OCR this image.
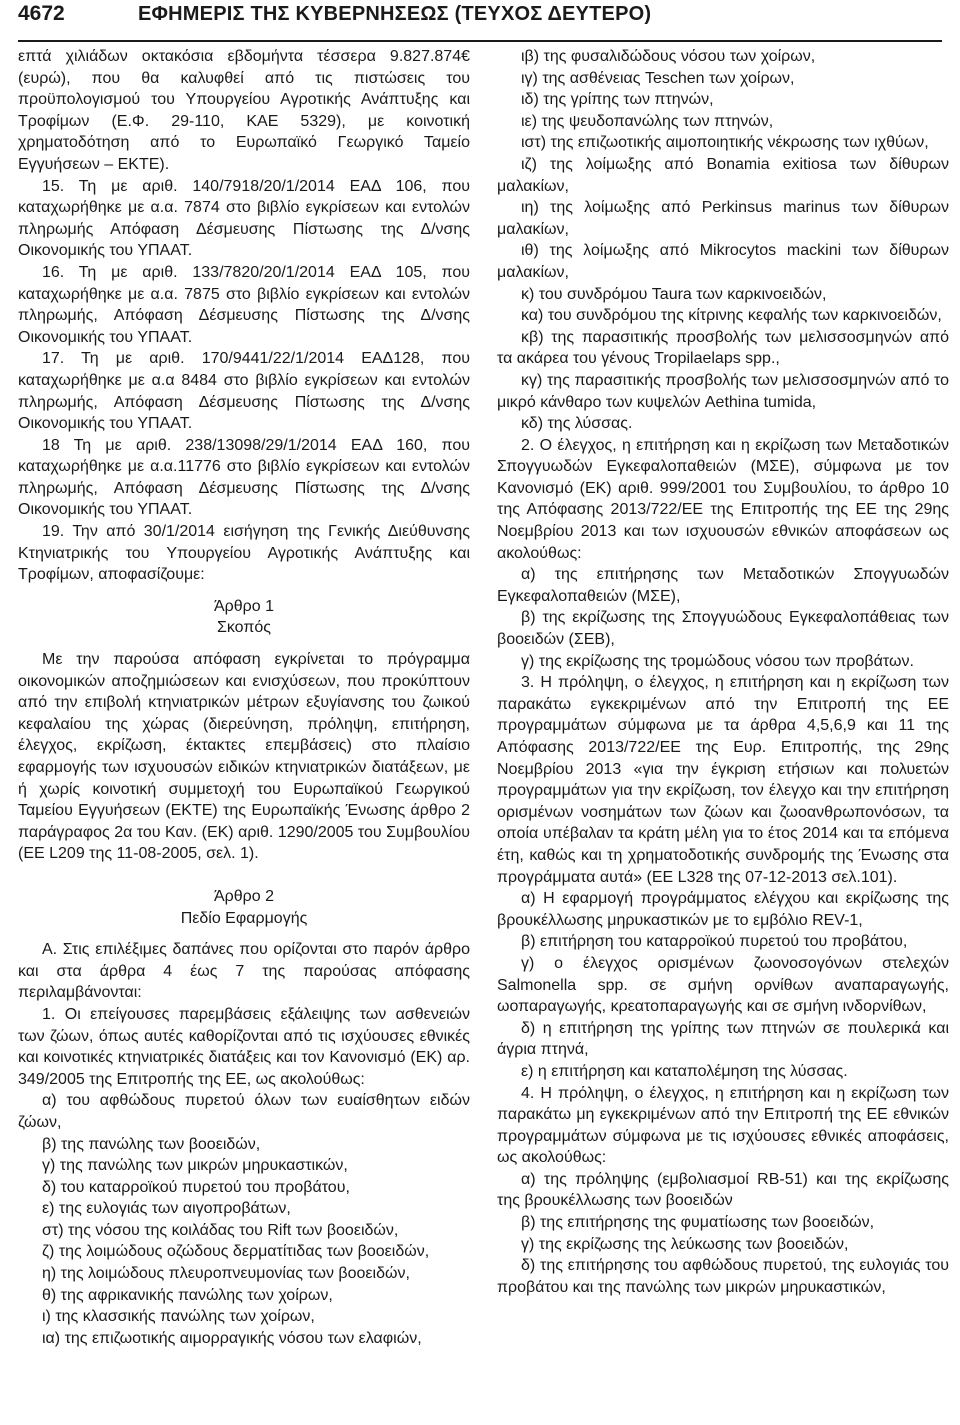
4672	ΕΦΗΜΕΡΙΣ ΤΗΣ ΚΥΒΕΡΝΗΣΕΩΣ (ΤΕΥΧΟΣ ΔΕΥΤΕΡΟ)

επτά χιλιάδων οκτακόσια εβδομήντα τέσσερα 9.827.874€ (ευρώ), που θα καλυφθεί από τις πιστώσεις του προϋπολογισμού του Υπουργείου Αγροτικής Ανάπτυξης και Τροφίμων (Ε.Φ. 29-110, ΚΑΕ 5329), με κοινοτική χρηματοδότηση από το Ευρωπαϊκό Γεωργικό Ταμείο Εγγυήσεων – ΕΚΤΕ).

15. Τη με αριθ. 140/7918/20/1/2014 ΕΑΔ 106, που καταχωρήθηκε με α.α. 7874 στο βιβλίο εγκρίσεων και εντολών πληρωμής Απόφαση Δέσμευσης Πίστωσης της Δ/νσης Οικονομικής του ΥΠΑΑΤ.

16. Τη με αριθ. 133/7820/20/1/2014 ΕΑΔ 105, που καταχωρήθηκε με α.α. 7875 στο βιβλίο εγκρίσεων και εντολών πληρωμής, Απόφαση Δέσμευσης Πίστωσης της Δ/νσης Οικονομικής του ΥΠΑΑΤ.

17. Τη με αριθ. 170/9441/22/1/2014 ΕΑΔ128, που καταχωρήθηκε με α.α 8484 στο βιβλίο εγκρίσεων και εντολών πληρωμής, Απόφαση Δέσμευσης Πίστωσης της Δ/νσης Οικονομικής του ΥΠΑΑΤ.

18 Τη με αριθ. 238/13098/29/1/2014 ΕΑΔ 160, που καταχωρήθηκε με α.α.11776 στο βιβλίο εγκρίσεων και εντολών πληρωμής, Απόφαση Δέσμευσης Πίστωσης της Δ/νσης Οικονομικής του ΥΠΑΑΤ.

19. Την από 30/1/2014 εισήγηση της Γενικής Διεύθυνσης Κτηνιατρικής του Υπουργείου Αγροτικής Ανάπτυξης και Τροφίμων, αποφασίζουμε:

Άρθρο 1

Σκοπός

Με την παρούσα απόφαση εγκρίνεται το πρόγραμμα οικονομικών αποζημιώσεων και ενισχύσεων, που προκύπτουν από την επιβολή κτηνιατρικών μέτρων εξυγίανσης του ζωικού κεφαλαίου της χώρας (διερεύνηση, πρόληψη, επιτήρηση, έλεγχος, εκρίζωση, έκτακτες επεμβάσεις) στο πλαίσιο εφαρμογής των ισχυουσών ειδικών κτηνιατρικών διατάξεων, με ή χωρίς κοινοτική συμμετοχή του Ευρωπαϊκού Γεωργικού Ταμείου Εγγυήσεων (ΕΚΤΕ) της Ευρωπαϊκής Ένωσης άρθρο 2 παράγραφος 2α του Καν. (ΕΚ) αριθ. 1290/2005 του Συμβουλίου (ΕΕ L209 της 11-08-2005, σελ. 1).

Άρθρο 2

Πεδίο Εφαρμογής

Α. Στις επιλέξιμες δαπάνες που ορίζονται στο παρόν άρθρο και στα άρθρα 4 έως 7 της παρούσας απόφασης περιλαμβάνονται:

1. Οι επείγουσες παρεμβάσεις εξάλειψης των ασθενειών των ζώων, όπως αυτές καθορίζονται από τις ισχύουσες εθνικές και κοινοτικές κτηνιατρικές διατάξεις και τον Κανονισμό (ΕΚ) αρ. 349/2005 της Επιτροπής της ΕΕ, ως ακολούθως:

α) του αφθώδους πυρετού όλων των ευαίσθητων ειδών ζώων,

β) της πανώλης των βοοειδών,

γ) της πανώλης των μικρών μηρυκαστικών,

δ) του καταρροϊκού πυρετού του προβάτου,

ε) της ευλογιάς των αιγοπροβάτων,

στ) της νόσου της κοιλάδας του Rift των βοοειδών,

ζ) της λοιμώδους οζώδους δερματίτιδας των βοοειδών,

η) της λοιμώδους πλευροπνευμονίας των βοοειδών,

θ) της αφρικανικής πανώλης των χοίρων,

ι) της κλασσικής πανώλης των χοίρων,

ια) της επιζωοτικής αιμορραγικής νόσου των ελαφιών,

ιβ) της φυσαλιδώδους νόσου των χοίρων,

ιγ) της ασθένειας Teschen των χοίρων,

ιδ) της γρίπης των πτηνών,

ιε) της ψευδοπανώλης των πτηνών,

ιστ) της επιζωοτικής αιμοποιητικής νέκρωσης των ιχθύων,

ιζ) της λοίμωξης από Bonamia exitiosa των δίθυρων μαλακίων,

ιη) της λοίμωξης από Perkinsus marinus των δίθυρων μαλακίων,

ιθ) της λοίμωξης από Mikrocytos mackini των δίθυρων μαλακίων,

κ) του συνδρόμου Taura των καρκινοειδών,

κα) του συνδρόμου της κίτρινης κεφαλής των καρκινοειδών,

κβ) της παρασιτικής προσβολής των μελισσοσμηνών από τα ακάρεα του γένους Tropilaelaps spp.,

κγ) της παρασιτικής προσβολής των μελισσοσμηνών από το μικρό κάνθαρο των κυψελών Aethina tumida,

κδ) της λύσσας.

2. Ο έλεγχος, η επιτήρηση και η εκρίζωση των Μεταδοτικών Σπογγυωδών Εγκεφαλοπαθειών (ΜΣΕ), σύμφωνα με τον Κανονισμό (ΕΚ) αριθ. 999/2001 του Συμβουλίου, το άρθρο 10 της Απόφασης 2013/722/ΕΕ της Επιτροπής της ΕΕ της 29ης Νοεμβρίου 2013 και των ισχυουσών εθνικών αποφάσεων ως ακολούθως:

α) της επιτήρησης των Μεταδοτικών Σπογγυωδών Εγκεφαλοπαθειών (ΜΣΕ),

β) της εκρίζωσης της Σπογγυώδους Εγκεφαλοπάθειας των βοοειδών (ΣΕΒ),

γ) της εκρίζωσης της τρομώδους νόσου των προβάτων.

3. Η πρόληψη, ο έλεγχος, η επιτήρηση και η εκρίζωση των παρακάτω εγκεκριμένων από την Επιτροπή της ΕΕ προγραμμάτων σύμφωνα με τα άρθρα 4,5,6,9 και 11 της Απόφασης 2013/722/ΕΕ της Ευρ. Επιτροπής, της 29ης Νοεμβρίου 2013 «για την έγκριση ετήσιων και πολυετών προγραμμάτων για την εκρίζωση, τον έλεγχο και την επιτήρηση ορισμένων νοσημάτων των ζώων και ζωοανθρωπονόσων, τα οποία υπέβαλαν τα κράτη μέλη για το έτος 2014 και τα επόμενα έτη, καθώς και τη χρηματοδοτικής συνδρομής της Ένωσης στα προγράμματα αυτά» (EE L328 της 07-12-2013 σελ.101).

α) Η εφαρμογή προγράμματος ελέγχου και εκρίζωσης της βρουκέλλωσης μηρυκαστικών με το εμβόλιο REV-1,

β) επιτήρηση του καταρροϊκού πυρετού του προβάτου,

γ) ο έλεγχος ορισμένων ζωονοσογόνων στελεχών Salmonella spp. σε σμήνη ορνίθων αναπαραγωγής, ωοπαραγωγής, κρεατοπαραγωγής και σε σμήνη ινδορνίθων,

δ) η επιτήρηση της γρίπης των πτηνών σε πουλερικά και άγρια πτηνά,

ε) η επιτήρηση και καταπολέμηση της λύσσας.

4. Η πρόληψη, ο έλεγχος, η επιτήρηση και η εκρίζωση των παρακάτω μη εγκεκριμένων από την Επιτροπή της ΕΕ εθνικών προγραμμάτων σύμφωνα με τις ισχύουσες εθνικές αποφάσεις, ως ακολούθως:

α) της πρόληψης (εμβολιασμοί RB-51) και της εκρίζωσης της βρουκέλλωσης των βοοειδών

β) της επιτήρησης της φυματίωσης των βοοειδών,

γ) της εκρίζωσης της λεύκωσης των βοοειδών,

δ) της επιτήρησης του αφθώδους πυρετού, της ευλογιάς του προβάτου και της πανώλης των μικρών μηρυκαστικών,
